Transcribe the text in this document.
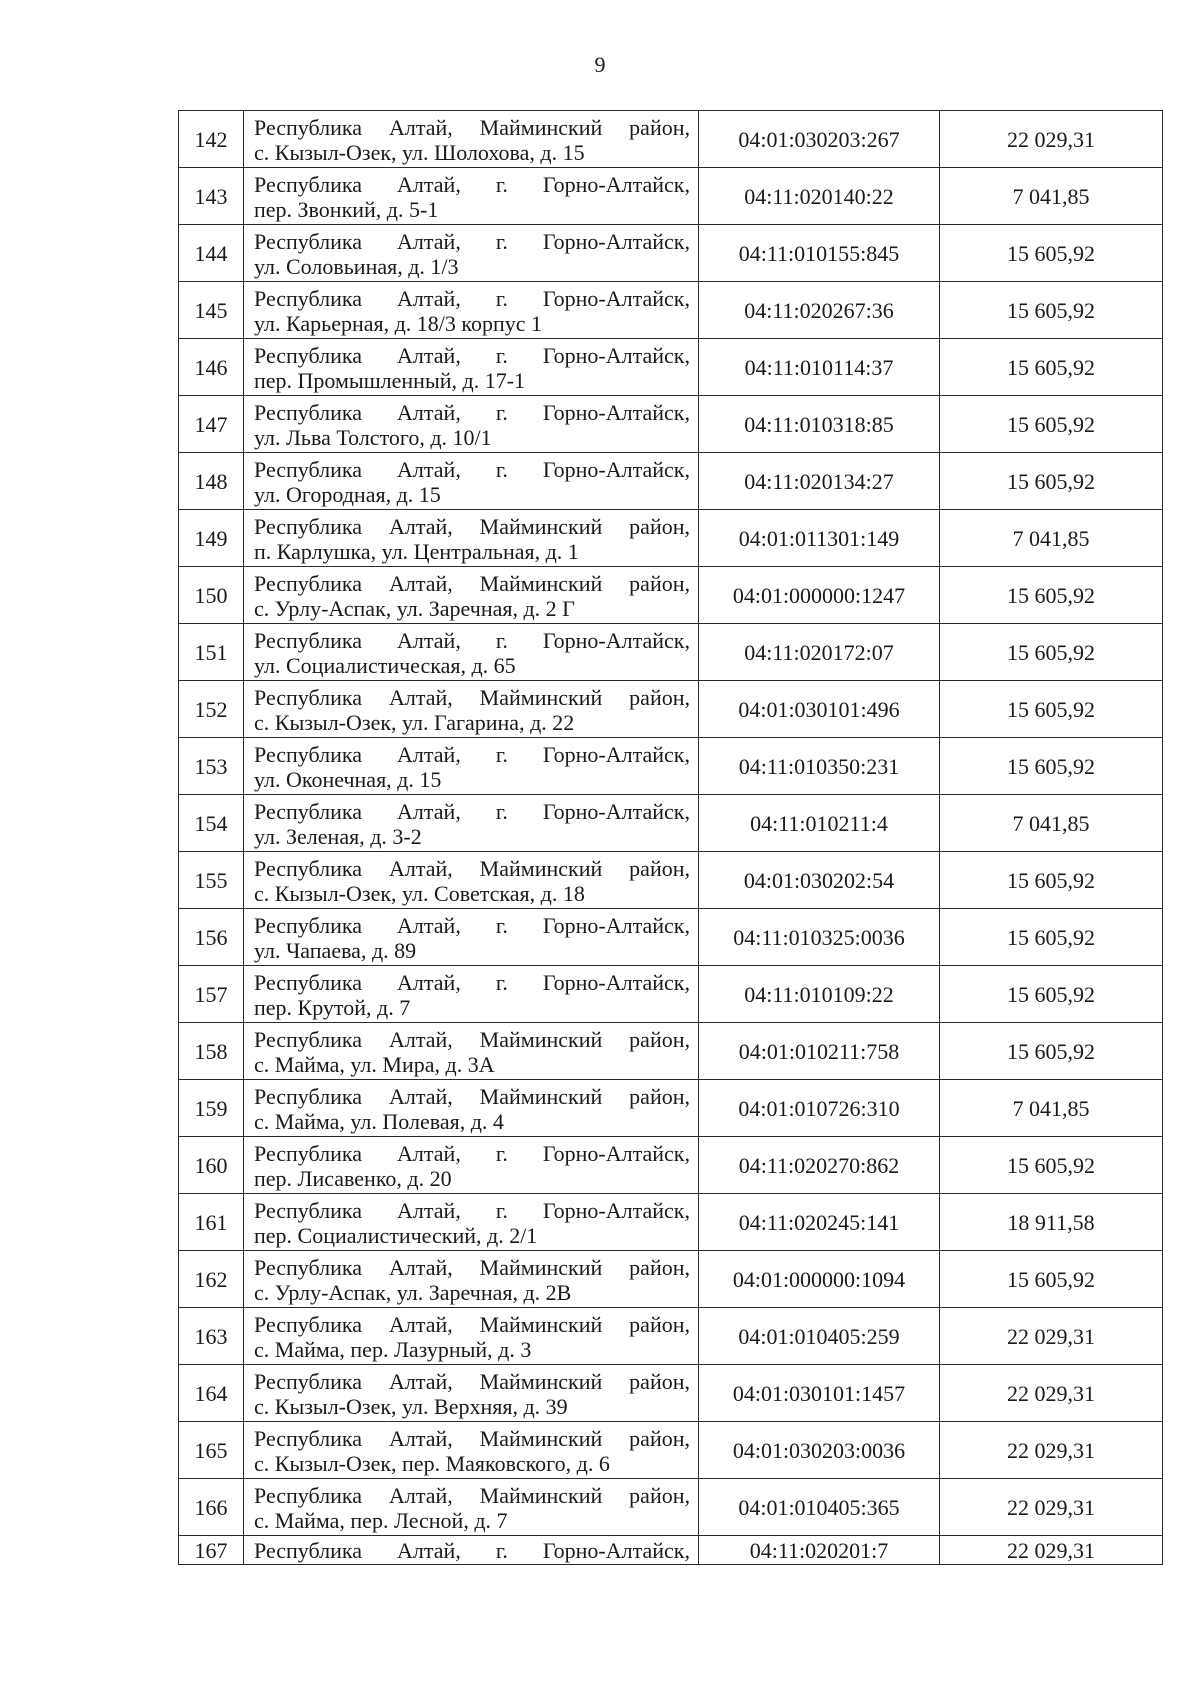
9
142	Республика Алтай, Майминский район,
с. Кызыл-Озек, ул. Шолохова, д. 15	04:01:030203:267	22 029,31
143	Республика Алтай, г. Горно-Алтайск,
пер. Звонкий, д. 5-1	04:11:020140:22	7 041,85
144	Республика Алтай, г. Горно-Алтайск,
ул. Соловьиная, д. 1/3	04:11:010155:845	15 605,92
145	Республика Алтай, г. Горно-Алтайск,
ул. Карьерная, д. 18/3 корпус 1	04:11:020267:36	15 605,92
146	Республика Алтай, г. Горно-Алтайск,
пер. Промышленный, д. 17-1	04:11:010114:37	15 605,92
147	Республика Алтай, г. Горно-Алтайск,
ул. Льва Толстого, д. 10/1	04:11:010318:85	15 605,92
148	Республика Алтай, г. Горно-Алтайск,
ул. Огородная, д. 15	04:11:020134:27	15 605,92
149	Республика Алтай, Майминский район,
п. Карлушка, ул. Центральная, д. 1	04:01:011301:149	7 041,85
150	Республика Алтай, Майминский район,
с. Урлу-Аспак, ул. Заречная, д. 2 Г	04:01:000000:1247	15 605,92
151	Республика Алтай, г. Горно-Алтайск,
ул. Социалистическая, д. 65	04:11:020172:07	15 605,92
152	Республика Алтай, Майминский район,
с. Кызыл-Озек, ул. Гагарина, д. 22	04:01:030101:496	15 605,92
153	Республика Алтай, г. Горно-Алтайск,
ул. Оконечная, д. 15	04:11:010350:231	15 605,92
154	Республика Алтай, г. Горно-Алтайск,
ул. Зеленая, д. 3-2	04:11:010211:4	7 041,85
155	Республика Алтай, Майминский район,
с. Кызыл-Озек, ул. Советская, д. 18	04:01:030202:54	15 605,92
156	Республика Алтай, г. Горно-Алтайск,
ул. Чапаева, д. 89	04:11:010325:0036	15 605,92
157	Республика Алтай, г. Горно-Алтайск,
пер. Крутой, д. 7	04:11:010109:22	15 605,92
158	Республика Алтай, Майминский район,
с. Майма, ул. Мира, д. 3А	04:01:010211:758	15 605,92
159	Республика Алтай, Майминский район,
с. Майма, ул. Полевая, д. 4	04:01:010726:310	7 041,85
160	Республика Алтай, г. Горно-Алтайск,
пер. Лисавенко, д. 20	04:11:020270:862	15 605,92
161	Республика Алтай, г. Горно-Алтайск,
пер. Социалистический, д. 2/1	04:11:020245:141	18 911,58
162	Республика Алтай, Майминский район,
с. Урлу-Аспак, ул. Заречная, д. 2В	04:01:000000:1094	15 605,92
163	Республика Алтай, Майминский район,
с. Майма, пер. Лазурный, д. 3	04:01:010405:259	22 029,31
164	Республика Алтай, Майминский район,
с. Кызыл-Озек, ул. Верхняя, д. 39	04:01:030101:1457	22 029,31
165	Республика Алтай, Майминский район,
с. Кызыл-Озек, пер. Маяковского, д. 6	04:01:030203:0036	22 029,31
166	Республика Алтай, Майминский район,
с. Майма, пер. Лесной, д. 7	04:01:010405:365	22 029,31
167	Республика Алтай, г. Горно-Алтайск,	04:11:020201:7	22 029,31
